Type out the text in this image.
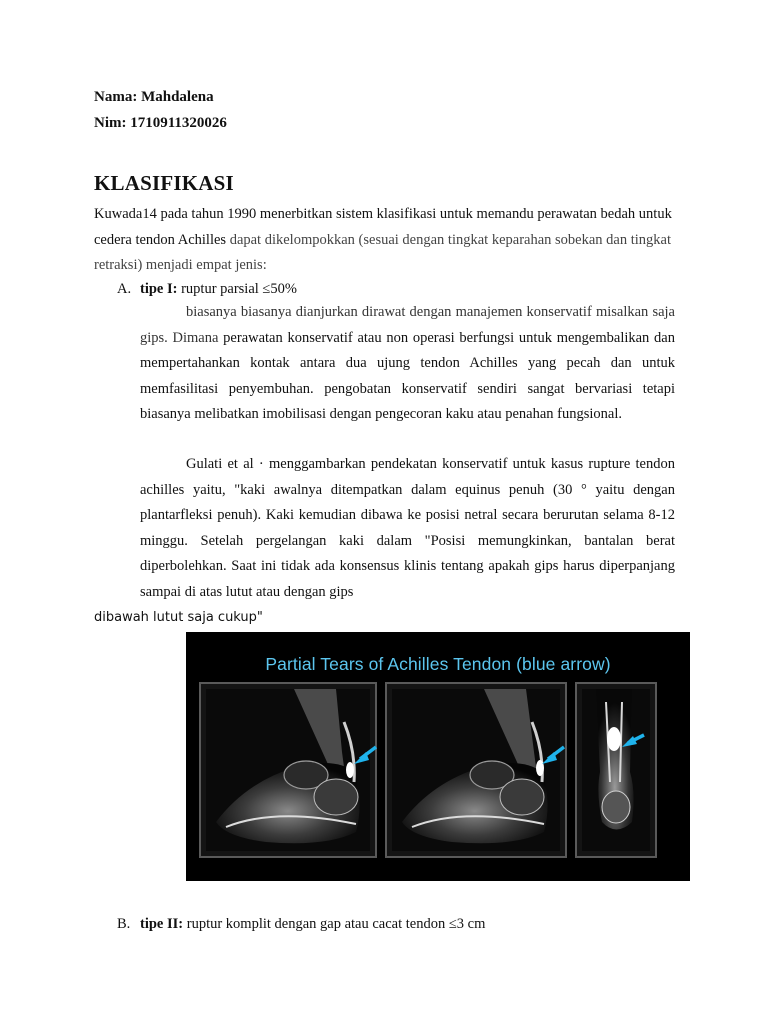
Nama: Mahdalena
Nim: 1710911320026
KLASIFIKASI

Kuwada14 pada tahun 1990 menerbitkan sistem klasifikasi untuk memandu perawatan bedah untuk cedera tendon Achilles dapat dikelompokkan (sesuai dengan tingkat keparahan sobekan dan tingkat retraksi) menjadi empat jenis:

A. tipe I: ruptur parsial ≤50%

biasanya biasanya dianjurkan dirawat dengan manajemen konservatif misalkan saja gips. Dimana perawatan konservatif atau non operasi berfungsi untuk mengembalikan dan mempertahankan kontak antara dua ujung tendon Achilles yang pecah dan untuk memfasilitasi penyembuhan. pengobatan konservatif sendiri sangat bervariasi tetapi biasanya melibatkan imobilisasi dengan pengecoran kaku atau penahan fungsional.

Gulati et al · menggambarkan pendekatan konservatif untuk kasus rupture tendon achilles yaitu, "kaki awalnya ditempatkan dalam equinus penuh (30 ° yaitu dengan plantarfleksi penuh). Kaki kemudian dibawa ke posisi netral secara berurutan selama 8-12 minggu. Setelah pergelangan kaki dalam "Posisi memungkinkan, bantalan berat diperbolehkan. Saat ini tidak ada konsensus klinis tentang apakah gips harus diperpanjang sampai di atas lutut atau dengan gips
dibawah lutut saja cukup"

Partial Tears of Achilles Tendon (blue arrow)
B. tipe II: ruptur komplit dengan gap atau cacat tendon ≤3 cm
